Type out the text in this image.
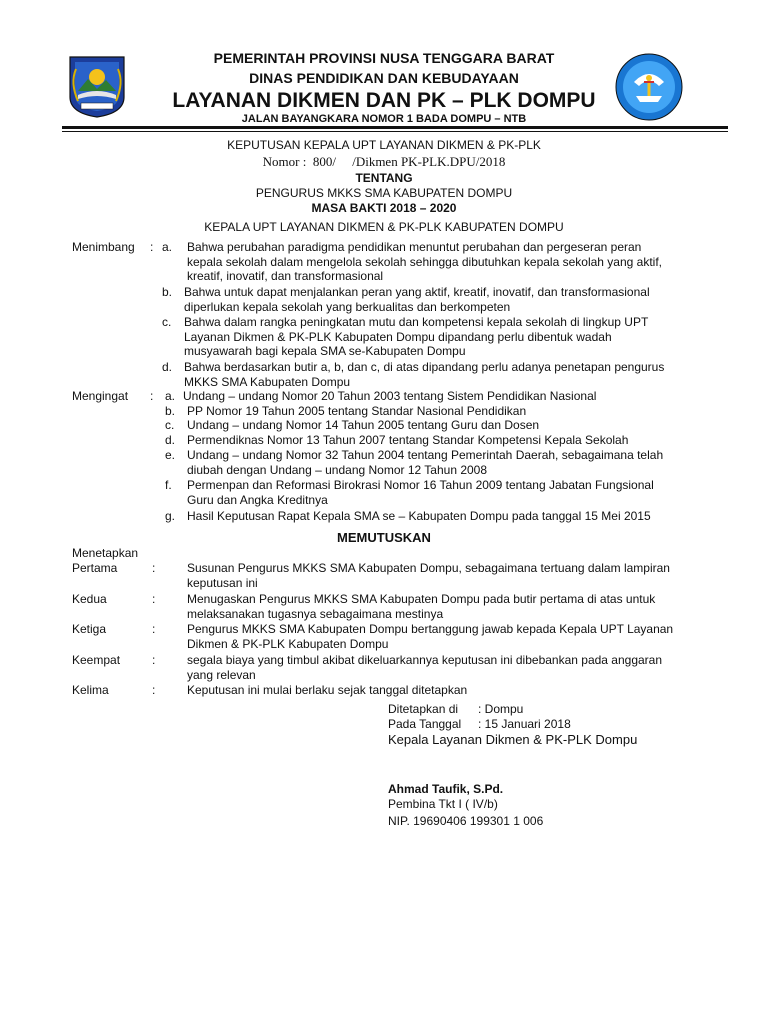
PEMERINTAH PROVINSI NUSA TENGGARA BARAT
DINAS PENDIDIKAN DAN KEBUDAYAAN
LAYANAN DIKMEN DAN PK – PLK DOMPU
JALAN BAYANGKARA NOMOR 1 BADA DOMPU – NTB
KEPUTUSAN KEPALA UPT LAYANAN DIKMEN & PK-PLK
Nomor :  800/     /Dikmen PK-PLK.DPU/2018
TENTANG
PENGURUS MKKS SMA KABUPATEN DOMPU
MASA BAKTI 2018 – 2020
KEPALA UPT LAYANAN DIKMEN & PK-PLK KABUPATEN DOMPU
Menimbang : a. Bahwa perubahan paradigma pendidikan menuntut perubahan dan pergeseran peran
kepala sekolah dalam mengelola sekolah sehingga dibutuhkan kepala sekolah yang aktif,
kreatif, inovatif, dan transformasional
b. Bahwa untuk dapat menjalankan peran yang aktif, kreatif, inovatif, dan transformasional
diperlukan kepala sekolah yang berkualitas dan berkompeten
c. Bahwa dalam rangka peningkatan mutu dan kompetensi kepala sekolah di lingkup UPT
Layanan Dikmen & PK-PLK Kabupaten Dompu dipandang perlu dibentuk wadah
musyawarah bagi kepala SMA se-Kabupaten Dompu
d. Bahwa berdasarkan butir a, b, dan c, di atas dipandang perlu adanya penetapan pengurus
MKKS SMA Kabupaten Dompu
Mengingat : a. Undang – undang Nomor 20 Tahun 2003 tentang Sistem Pendidikan Nasional
b. PP Nomor 19 Tahun 2005 tentang Standar Nasional Pendidikan
c. Undang – undang Nomor 14 Tahun 2005 tentang Guru dan Dosen
d. Permendiknas Nomor 13 Tahun 2007 tentang Standar Kompetensi Kepala Sekolah
e. Undang – undang Nomor 32 Tahun 2004 tentang Pemerintah Daerah, sebagaimana telah
diubah dengan Undang – undang Nomor 12 Tahun 2008
f. Permenpan dan Reformasi Birokrasi Nomor 16 Tahun 2009 tentang Jabatan Fungsional
Guru dan Angka Kreditnya
g. Hasil Keputusan Rapat Kepala SMA se – Kabupaten Dompu pada tanggal 15 Mei 2015
MEMUTUSKAN
Menetapkan
Pertama	:	Susunan Pengurus MKKS SMA Kabupaten Dompu, sebagaimana tertuang dalam lampiran
keputusan ini
Kedua	:	Menugaskan Pengurus MKKS SMA Kabupaten Dompu pada butir pertama di atas untuk
melaksanakan tugasnya sebagaimana mestinya
Ketiga	:	Pengurus MKKS SMA Kabupaten Dompu bertanggung jawab kepada Kepala UPT Layanan
Dikmen & PK-PLK Kabupaten Dompu
Keempat	:	segala biaya yang timbul akibat dikeluarkannya keputusan ini dibebankan pada anggaran
yang relevan
Kelima	:	Keputusan ini mulai berlaku sejak tanggal ditetapkan
Ditetapkan di : Dompu
Pada Tanggal : 15 Januari 2018
Kepala Layanan Dikmen & PK-PLK Dompu
Ahmad Taufik, S.Pd.
Pembina Tkt I ( IV/b)
NIP. 19690406 199301 1 006
